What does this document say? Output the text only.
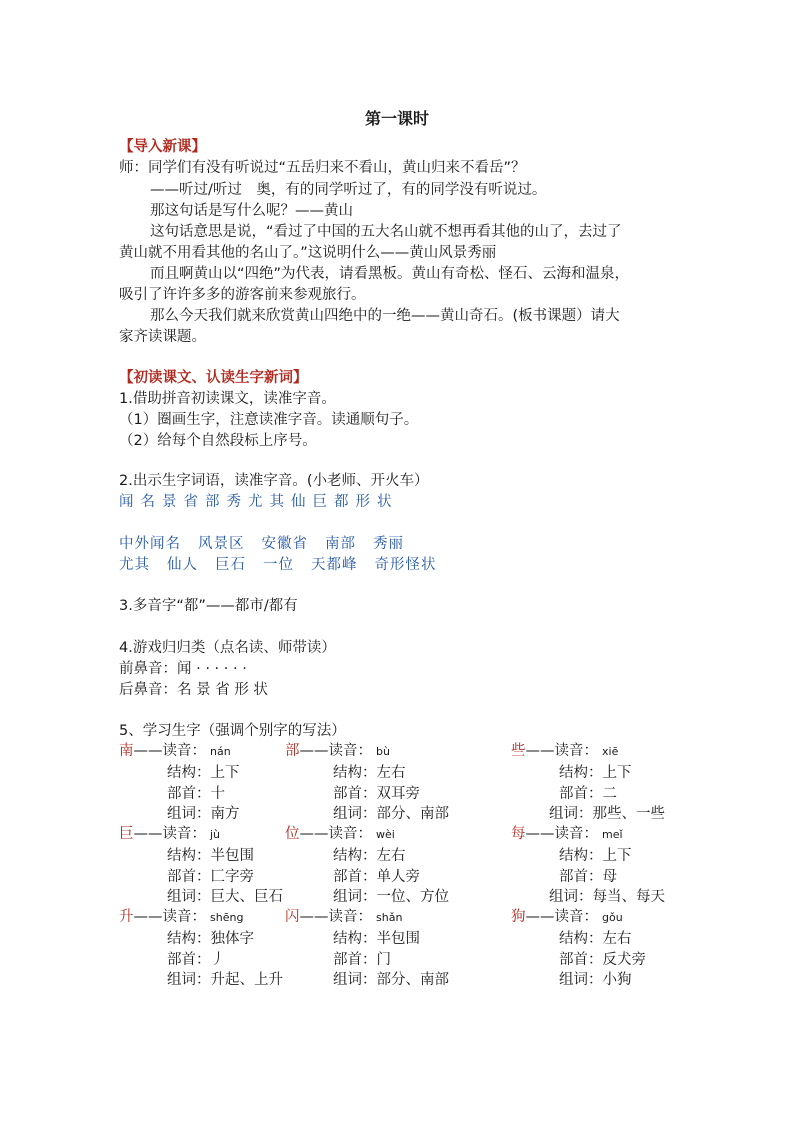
第一课时
【导入新课】
师：同学们有没有听说过“五岳归来不看山，黄山归来不看岳”？
——听过/听过　奥，有的同学听过了，有的同学没有听说过。
那这句话是写什么呢？——黄山
这句话意思是说，“看过了中国的五大名山就不想再看其他的山了，去过了
黄山就不用看其他的名山了。”这说明什么——黄山风景秀丽
而且啊黄山以“四绝”为代表，请看黑板。黄山有奇松、怪石、云海和温泉，
吸引了许许多多的游客前来参观旅行。
那么今天我们就来欣赏黄山四绝中的一绝——黄山奇石。(板书课题）请大
家齐读课题。
【初读课文、认读生字新词】
1.借助拼音初读课文，读准字音。
（1）圈画生字，注意读准字音。读通顺句子。
（2）给每个自然段标上序号。
2.出示生字词语，读准字音。(小老师、开火车）
闻 名 景 省 部 秀 尤 其 仙 巨 都 形 状
中外闻名 风景区 安徽省 南部 秀丽
尤其 仙人 巨石 一位 天都峰 奇形怪状
3.多音字“都”——都市/都有
4.游戏归归类（点名读、师带读）
前鼻音：闻 · · · · · ·
后鼻音：名 景 省 形 状
5、学习生字（强调个别字的写法）
南——读音： nán
结构：上下
部首：十
组词：南方
部——读音： bù
结构：左右
部首：双耳旁
组词：部分、南部
些——读音： xiē
结构：上下
部首：二
组词：那些、一些
巨——读音： jù
结构：半包围
部首：匚字旁
组词：巨大、巨石
位——读音： wèi
结构：左右
部首：单人旁
组词：一位、方位
每——读音： meǐ
结构：上下
部首：母
组词：每当、每天
升——读音： shēng
结构：独体字
部首：丿
组词：升起、上升
闪——读音： shǎn
结构：半包围
部首：门
组词：部分、南部
狗——读音： gǒu
结构：左右
部首：反犬旁
组词：小狗
